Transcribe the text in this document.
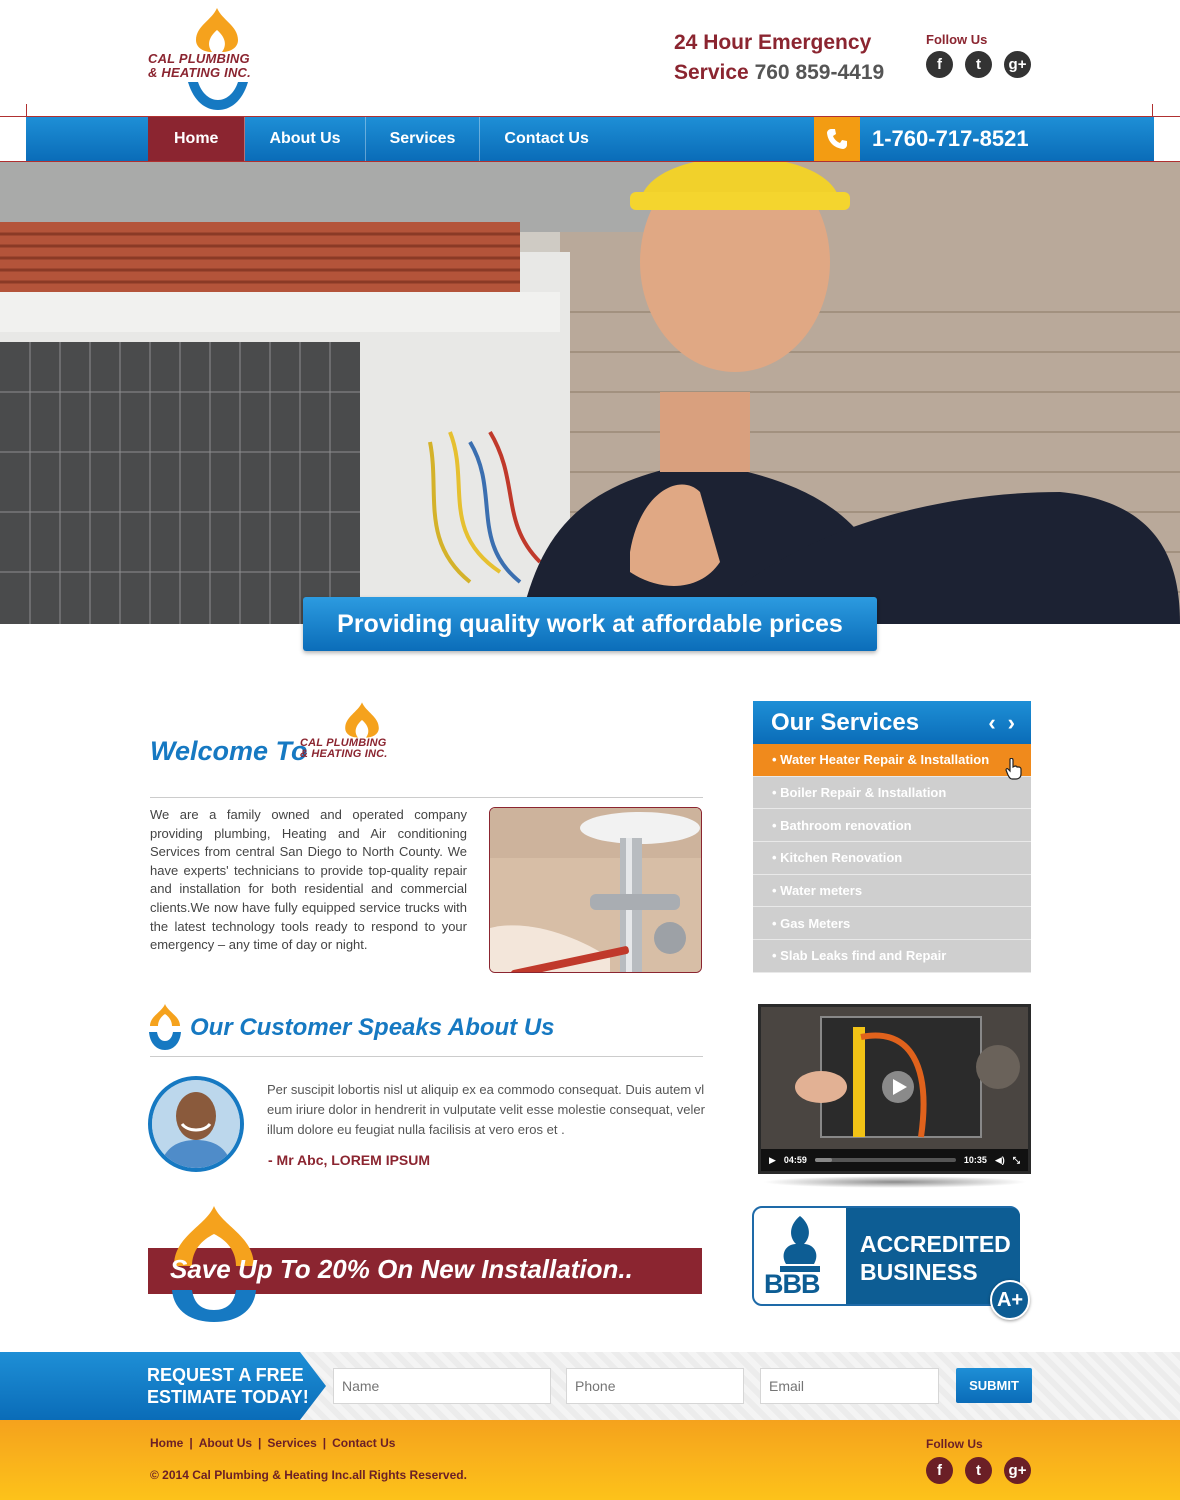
CAL PLUMBING
& HEATING INC.
24 Hour Emergency
Service 760 859-4419
Follow Us
f	t	g+
Home	About Us	Services	Contact Us	1-760-717-8521
Providing quality work at affordable prices
Welcome To
CAL PLUMBING
& HEATING INC.
We are a family owned and operated company providing plumbing, Heating and Air conditioning Services from central San Diego to North County. We have experts' technicians to provide top-quality repair and installation for both residential and commercial clients.We now have fully equipped service trucks with the latest technology tools ready to respond to your emergency – any time of day or night.
Our Services	‹ ›
• Water Heater Repair & Installation
• Boiler Repair & Installation
• Bathroom renovation
• Kitchen Renovation
• Water meters
• Gas Meters
• Slab Leaks find and Repair
Our Customer Speaks About Us
Per suscipit lobortis nisl ut aliquip ex ea commodo consequat. Duis autem vl eum iriure dolor in hendrerit in vulputate velit esse molestie consequat, veler illum dolore eu feugiat nulla facilisis at vero eros et .
- Mr Abc, LOREM IPSUM	▶ 04:59	10:35 ◀) ⤡
Save Up To 20% On New Installation..	BBB
ACCREDITED
BUSINESS
A+
REQUEST A FREE
ESTIMATE TODAY!
Name
Phone
Email
SUBMIT
Home | About Us | Services | Contact Us
© 2014 Cal Plumbing & Heating Inc.all Rights Reserved.
Follow Us
f	t	g+
